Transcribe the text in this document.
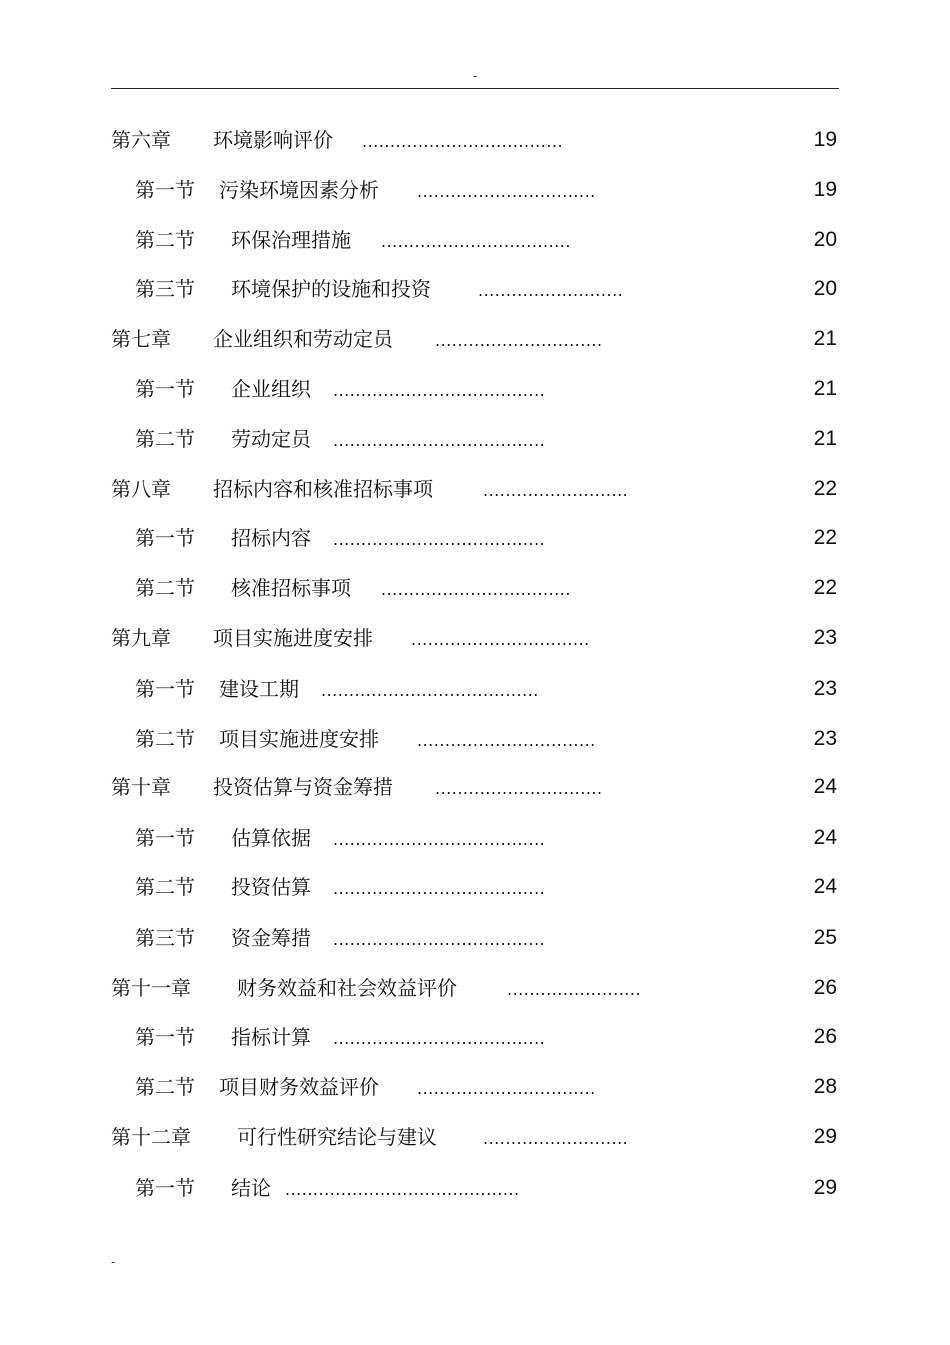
-
第六章 环境影响评价 ....................................	19
第一节 污染环境因素分析 ................................	19
第二节 环保治理措施 ..................................	20
第三节 环境保护的设施和投资	..........................	20
第七章 企业组织和劳动定员	..............................	21
第一节 企业组织 ......................................	21
第二节 劳动定员 ......................................	21
第八章 招标内容和核准招标事项	..........................	22
第一节 招标内容 ......................................	22
第二节 核准招标事项 ..................................	22
第九章 项目实施进度安排 ................................	23
第一节 建设工期 .......................................	23
第二节 项目实施进度安排 ................................	23
第十章 投资估算与资金筹措	..............................	24
第一节 估算依据 ......................................	24
第二节 投资估算 ......................................	24
第三节 资金筹措 ......................................	25
第十一章 财务效益和社会效益评价	........................	26
第一节 指标计算 ......................................	26
第二节 项目财务效益评价 ................................	28
第十二章 可行性研究结论与建议	..........................	29
第一节 结论 ..........................................	29
-
